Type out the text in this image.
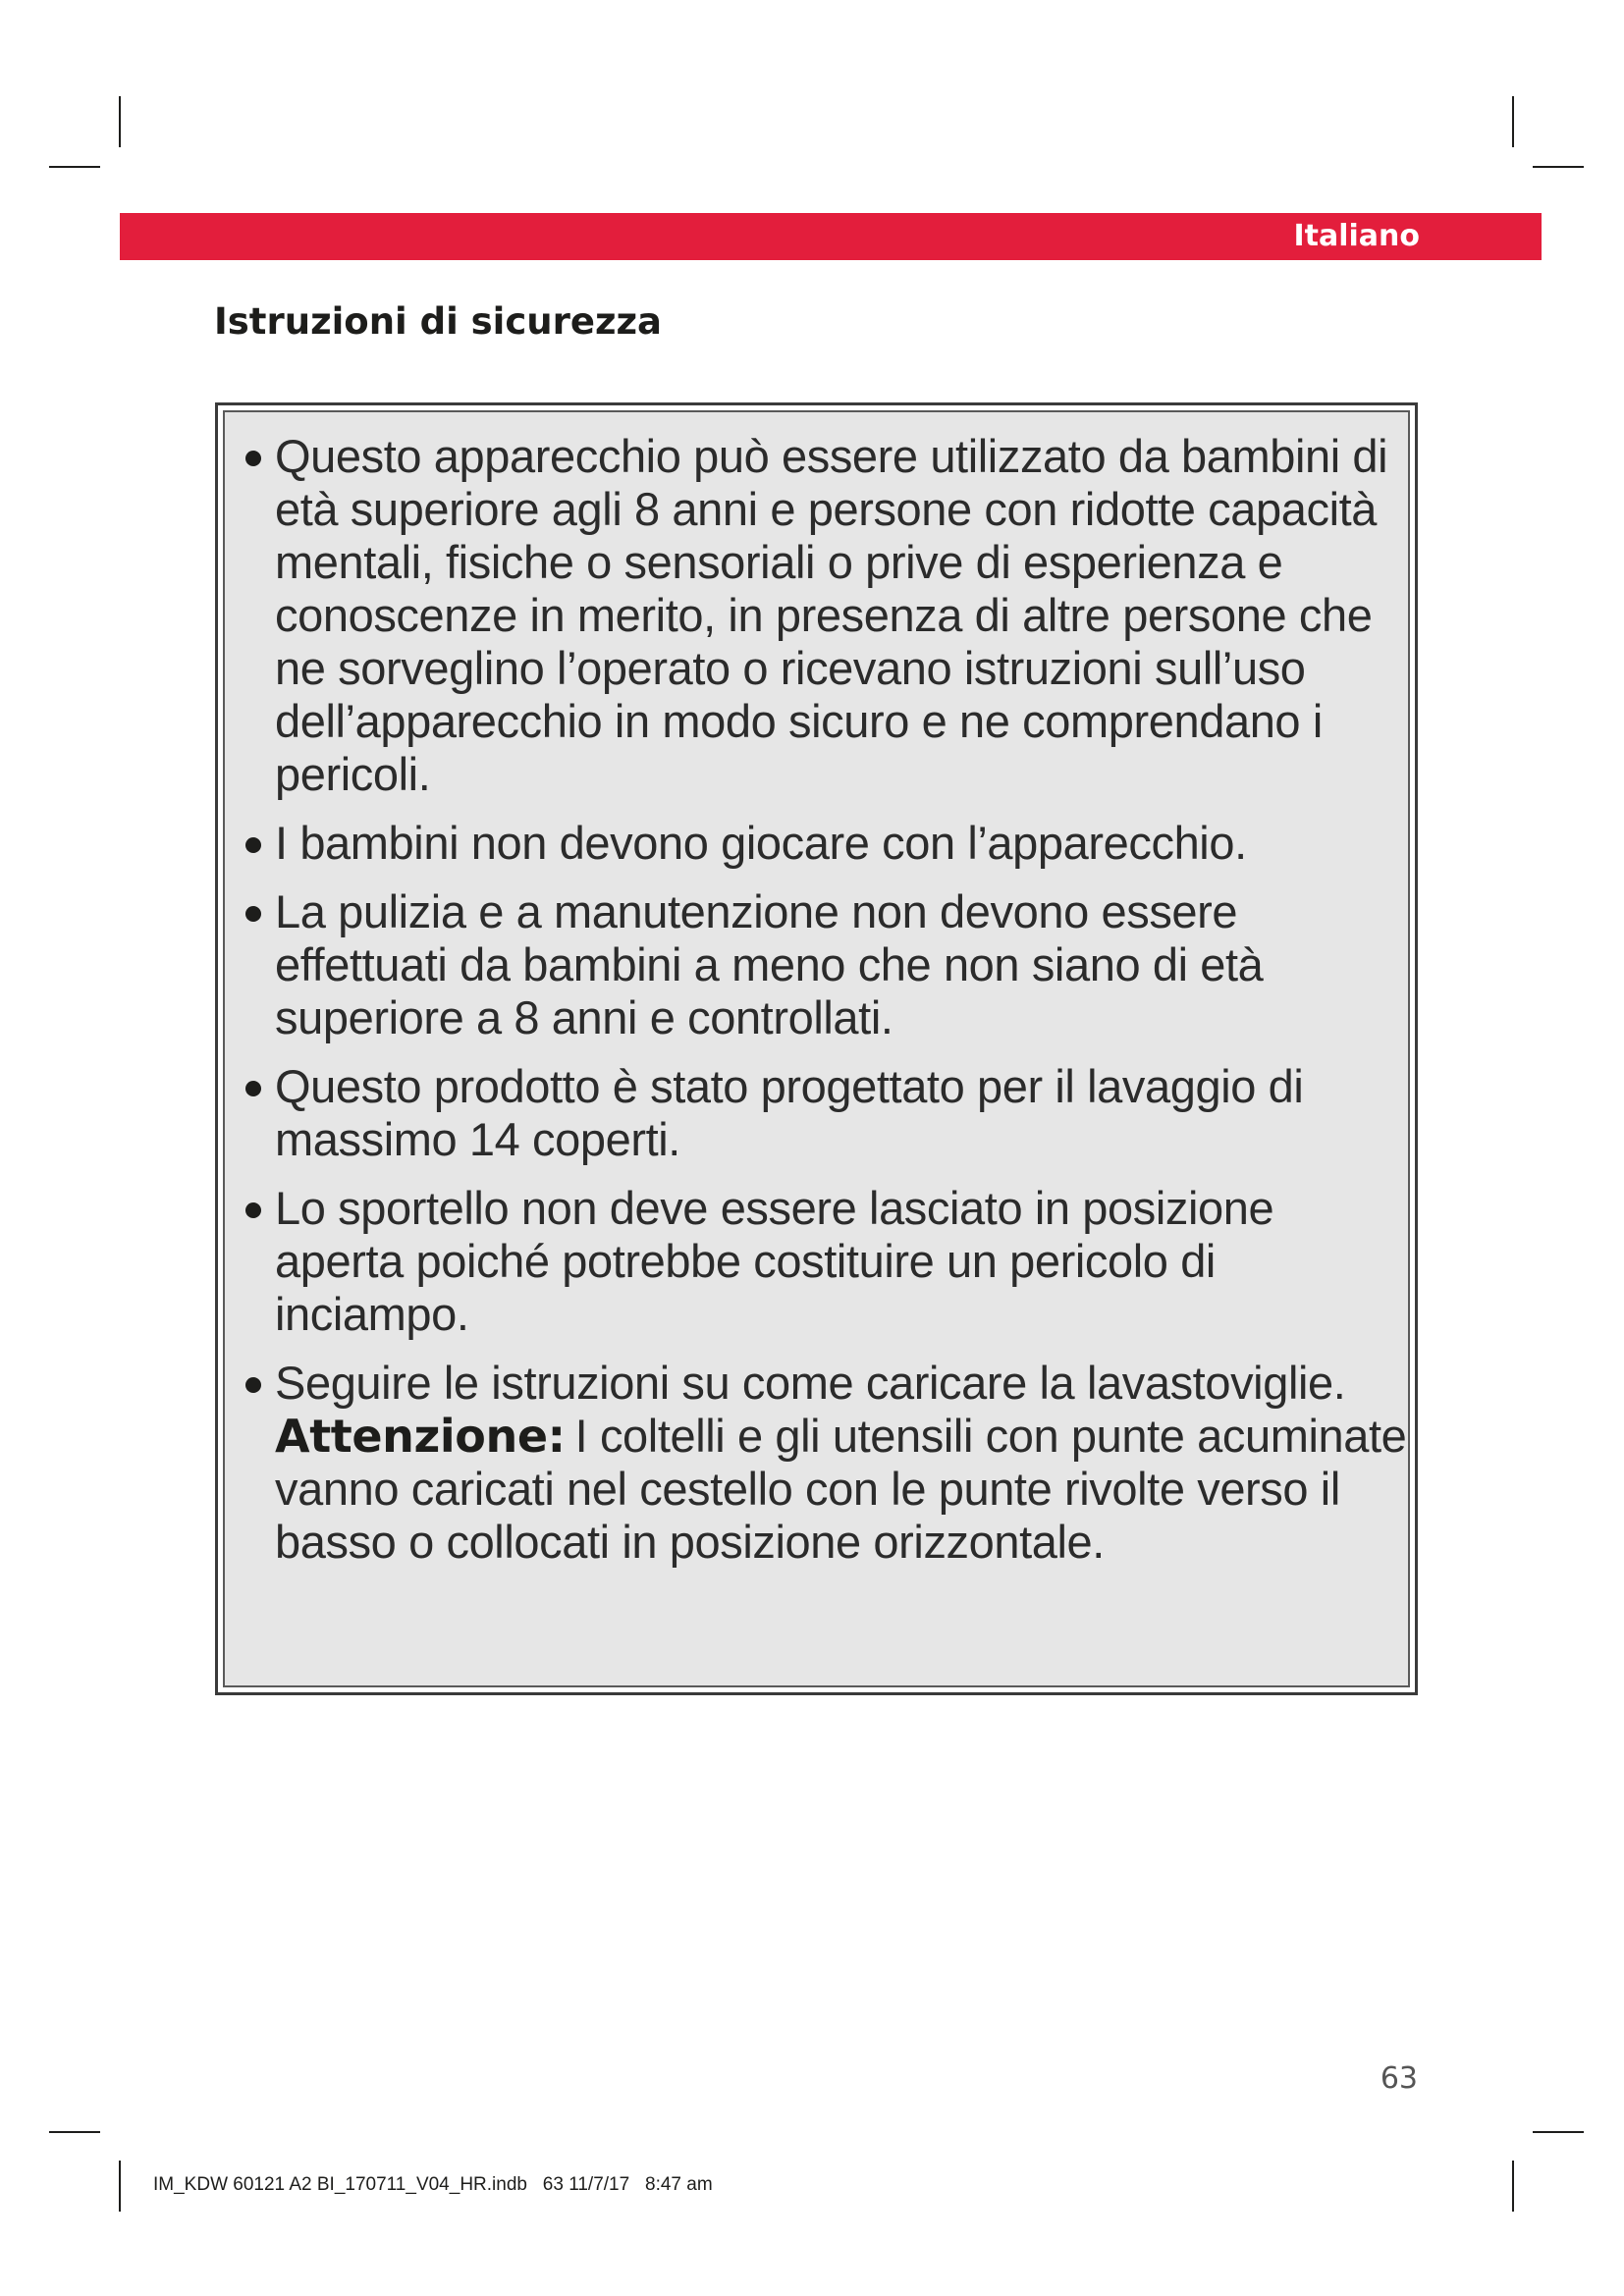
Italiano
Istruzioni di sicurezza
Questo apparecchio può essere utilizzato da bambini di età superiore agli 8 anni e persone con ridotte capacità mentali, fisiche o sensoriali o prive di esperienza e conoscenze in merito, in presenza di altre persone che ne sorveglino l’operato o ricevano istruzioni sull’uso dell’apparecchio in modo sicuro e ne comprendano i pericoli.
I bambini non devono giocare con l’apparecchio.
La pulizia e a manutenzione non devono essere effettuati da bambini a meno che non siano di età superiore a 8 anni e controllati.
Questo prodotto è stato progettato per il lavaggio di massimo 14 coperti.
Lo sportello non deve essere lasciato in posizione aperta poiché potrebbe costituire un pericolo di inciampo.
Seguire le istruzioni su come caricare la lavastoviglie.
Attenzione: I coltelli e gli utensili con punte acuminate vanno caricati nel cestello con le punte rivolte verso il basso o collocati in posizione orizzontale.
63
IM_KDW 60121 A2 BI_170711_V04_HR.indb   63 11/7/17   8:47 am
